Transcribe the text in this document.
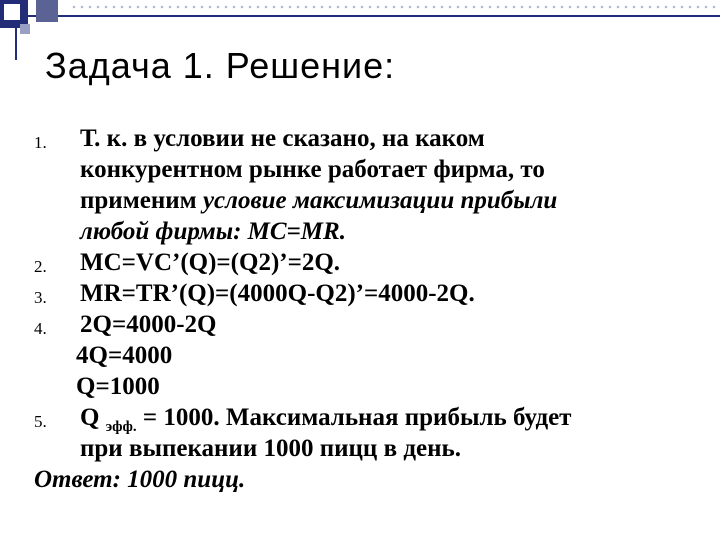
Задача 1. Решение:
1. Т. к. в условии не сказано, на каком
конкурентном рынке работает фирма, то
применим условие максимизации прибыли
любой фирмы: MC=MR.
2. MC=VC’(Q)=(Q2)’=2Q.
3. MR=TR’(Q)=(4000Q-Q2)’=4000-2Q.
4. 2Q=4000-2Q
4Q=4000
Q=1000
5. Q $_{эфф.}$ = 1000. Максимальная прибыль будет
при выпекании 1000 пицц в день.
Ответ: 1000 пицц.
